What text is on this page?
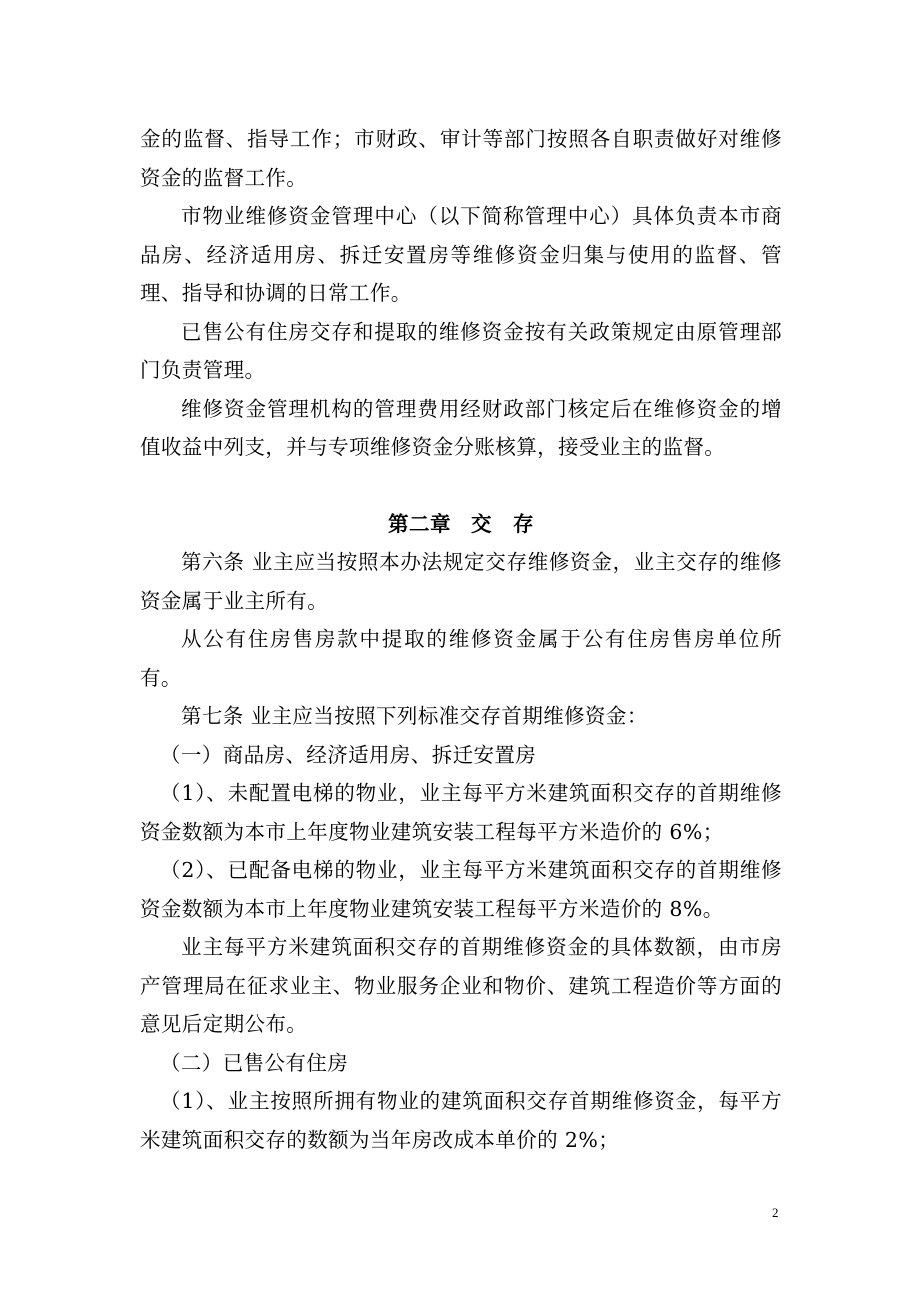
金的监督、指导工作；市财政、审计等部门按照各自职责做好对维修资金的监督工作。

市物业维修资金管理中心（以下简称管理中心）具体负责本市商品房、经济适用房、拆迁安置房等维修资金归集与使用的监督、管理、指导和协调的日常工作。

已售公有住房交存和提取的维修资金按有关政策规定由原管理部门负责管理。

维修资金管理机构的管理费用经财政部门核定后在维修资金的增值收益中列支，并与专项维修资金分账核算，接受业主的监督。

第二章 交　存

第六条 业主应当按照本办法规定交存维修资金，业主交存的维修资金属于业主所有。

从公有住房售房款中提取的维修资金属于公有住房售房单位所有。

第七条 业主应当按照下列标准交存首期维修资金：

（一）商品房、经济适用房、拆迁安置房

（1）、未配置电梯的物业，业主每平方米建筑面积交存的首期维修资金数额为本市上年度物业建筑安装工程每平方米造价的 6%；

（2）、已配备电梯的物业，业主每平方米建筑面积交存的首期维修资金数额为本市上年度物业建筑安装工程每平方米造价的 8%。

业主每平方米建筑面积交存的首期维修资金的具体数额，由市房产管理局在征求业主、物业服务企业和物价、建筑工程造价等方面的意见后定期公布。

（二）已售公有住房

（1）、业主按照所拥有物业的建筑面积交存首期维修资金，每平方米建筑面积交存的数额为当年房改成本单价的 2%；

2
